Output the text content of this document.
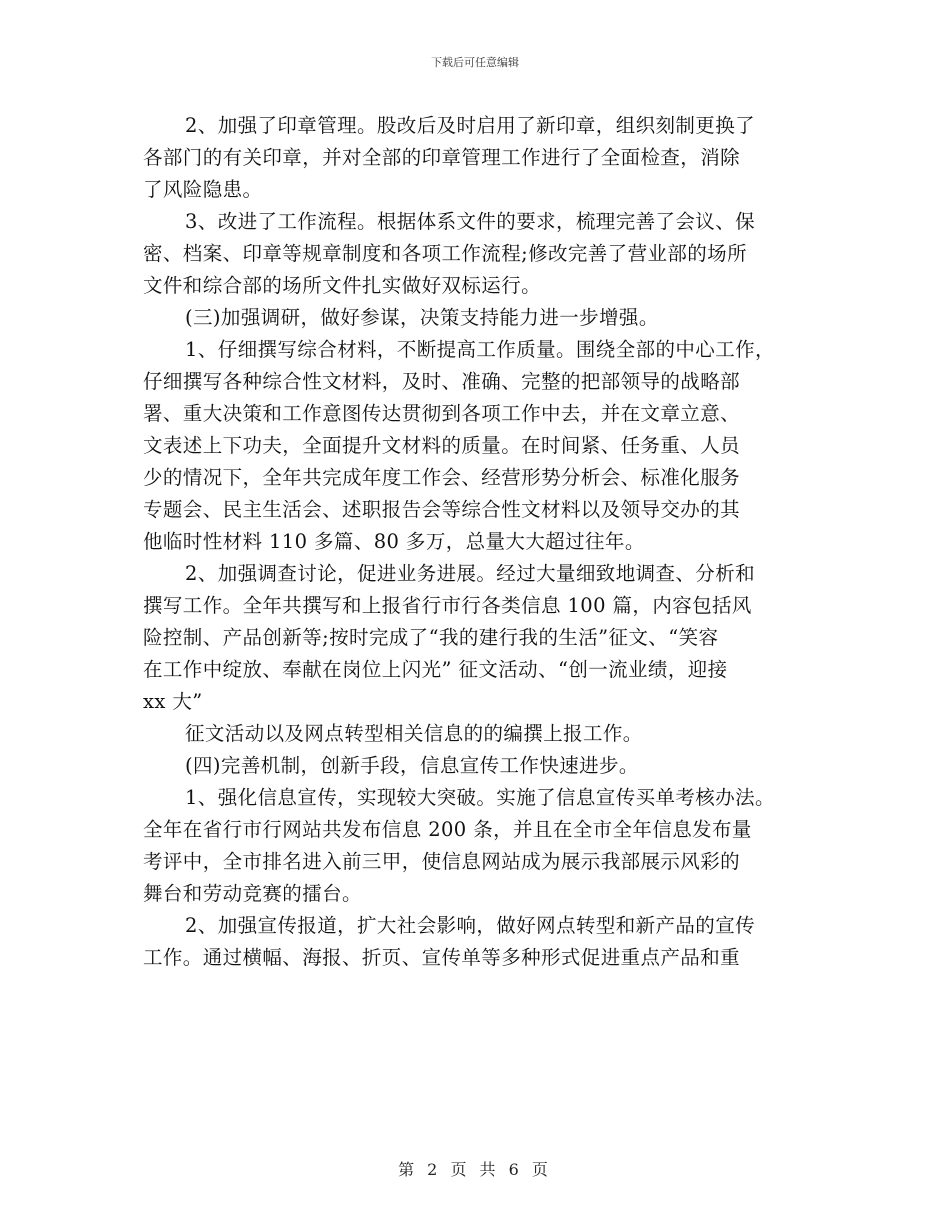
下载后可任意编辑
2、加强了印章管理。股改后及时启用了新印章，组织刻制更换了
各部门的有关印章，并对全部的印章管理工作进行了全面检查，消除
了风险隐患。
3、改进了工作流程。根据体系文件的要求，梳理完善了会议、保
密、档案、印章等规章制度和各项工作流程;修改完善了营业部的场所
文件和综合部的场所文件扎实做好双标运行。
(三)加强调研，做好参谋，决策支持能力进一步增强。
1、仔细撰写综合材料，不断提高工作质量。围绕全部的中心工作，
仔细撰写各种综合性文材料，及时、准确、完整的把部领导的战略部
署、重大决策和工作意图传达贯彻到各项工作中去，并在文章立意、
文表述上下功夫，全面提升文材料的质量。在时间紧、任务重、人员
少的情况下，全年共完成年度工作会、经营形势分析会、标准化服务
专题会、民主生活会、述职报告会等综合性文材料以及领导交办的其
他临时性材料 110 多篇、80 多万，总量大大超过往年。
2、加强调查讨论，促进业务进展。经过大量细致地调查、分析和
撰写工作。全年共撰写和上报省行市行各类信息 100 篇，内容包括风
险控制、产品创新等;按时完成了“我的建行我的生活”征文、“笑容
在工作中绽放、奉献在岗位上闪光” 征文活动、“创一流业绩，迎接
xx 大”
征文活动以及网点转型相关信息的的编撰上报工作。
(四)完善机制，创新手段，信息宣传工作快速进步。
1、强化信息宣传，实现较大突破。实施了信息宣传买单考核办法。
全年在省行市行网站共发布信息 200 条，并且在全市全年信息发布量
考评中，全市排名进入前三甲，使信息网站成为展示我部展示风彩的
舞台和劳动竞赛的擂台。
2、加强宣传报道，扩大社会影响，做好网点转型和新产品的宣传
工作。通过横幅、海报、折页、宣传单等多种形式促进重点产品和重
第 2 页 共 6 页
